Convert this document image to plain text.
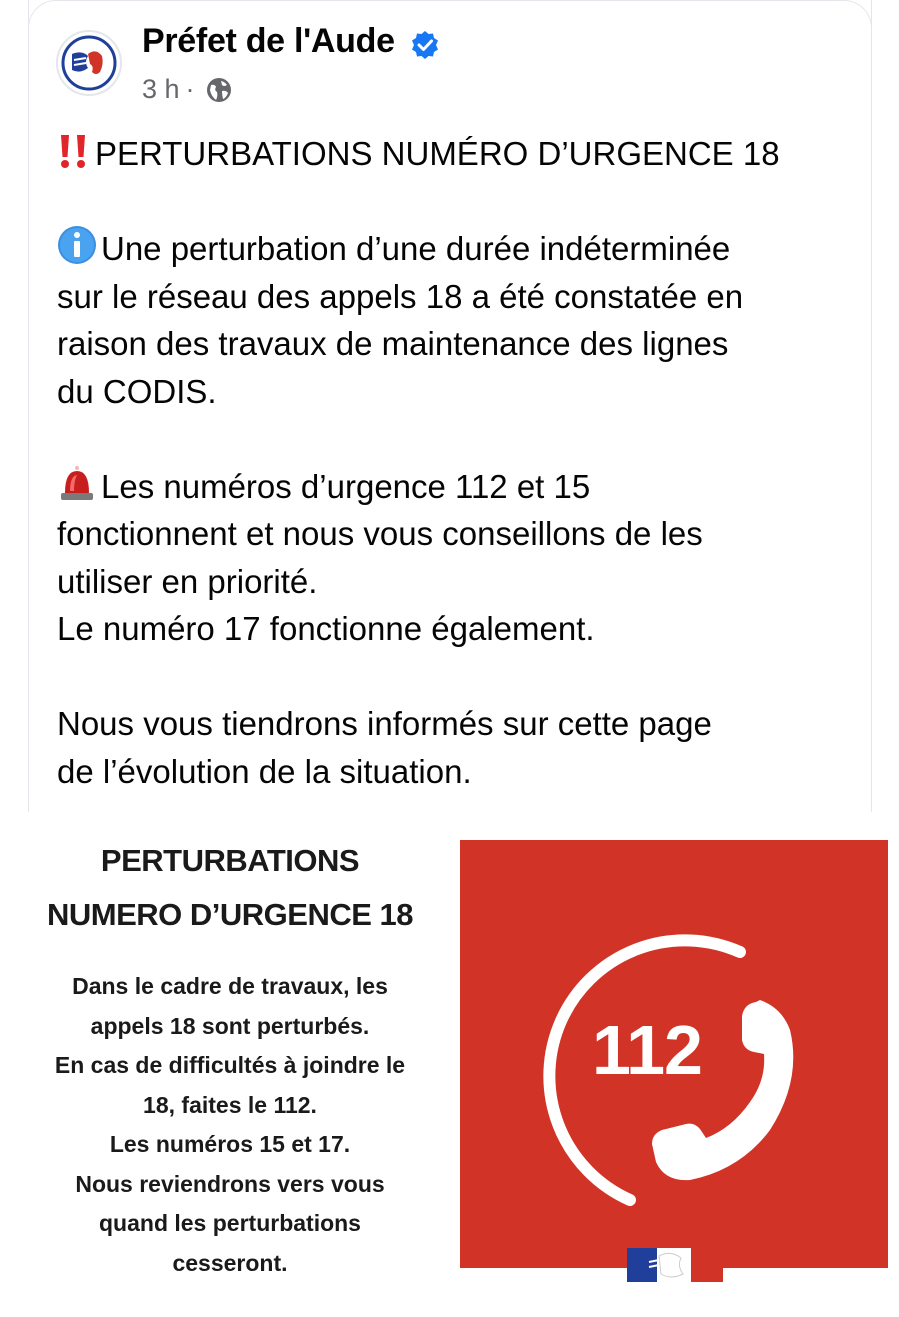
Préfet de l'Aude
3 h ·

PERTURBATIONS NUMÉRO D’URGENCE 18

Une perturbation d’une durée indéterminée

sur le réseau des appels 18 a été constatée en

raison des travaux de maintenance des lignes

du CODIS.

Les numéros d’urgence 112 et 15

fonctionnent et nous vous conseillons de les

utiliser en priorité.

Le numéro 17 fonctionne également.

Nous vous tiendrons informés sur cette page

de l’évolution de la situation.

PERTURBATIONS
NUMERO D’URGENCE 18
Dans le cadre de travaux, les
appels 18 sont perturbés.
En cas de difficultés à joindre le
18, faites le 112.
Les numéros 15 et 17.
Nous reviendrons vers vous
quand les perturbations
cesseront.
112
